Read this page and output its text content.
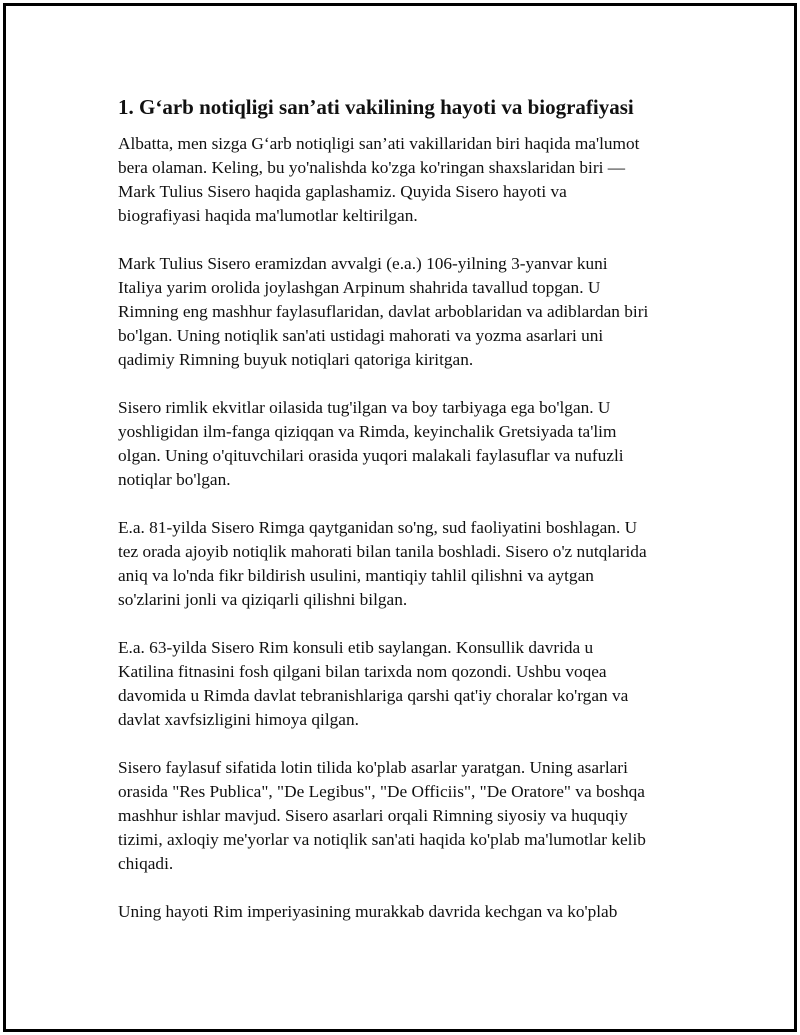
1. G‘arb notiqligi san’ati vakilining hayoti va biografiyasi

Albatta, men sizga G‘arb notiqligi san’ati vakillaridan biri haqida ma'lumot
bera olaman. Keling, bu yo'nalishda ko'zga ko'ringan shaxslaridan biri —
Mark Tulius Sisero haqida gaplashamiz. Quyida Sisero hayoti va
biografiyasi haqida ma'lumotlar keltirilgan.

Mark Tulius Sisero eramizdan avvalgi (e.a.) 106-yilning 3-yanvar kuni
Italiya yarim orolida joylashgan Arpinum shahrida tavallud topgan. U
Rimning eng mashhur faylasuflaridan, davlat arboblaridan va adiblardan biri
bo'lgan. Uning notiqlik san'ati ustidagi mahorati va yozma asarlari uni
qadimiy Rimning buyuk notiqlari qatoriga kiritgan.

Sisero rimlik ekvitlar oilasida tug'ilgan va boy tarbiyaga ega bo'lgan. U
yoshligidan ilm-fanga qiziqqan va Rimda, keyinchalik Gretsiyada ta'lim
olgan. Uning o'qituvchilari orasida yuqori malakali faylasuflar va nufuzli
notiqlar bo'lgan.

E.a. 81-yilda Sisero Rimga qaytganidan so'ng, sud faoliyatini boshlagan. U
tez orada ajoyib notiqlik mahorati bilan tanila boshladi. Sisero o'z nutqlarida
aniq va lo'nda fikr bildirish usulini, mantiqiy tahlil qilishni va aytgan
so'zlarini jonli va qiziqarli qilishni bilgan.

E.a. 63-yilda Sisero Rim konsuli etib saylangan. Konsullik davrida u
Katilina fitnasini fosh qilgani bilan tarixda nom qozondi. Ushbu voqea
davomida u Rimda davlat tebranishlariga qarshi qat'iy choralar ko'rgan va
davlat xavfsizligini himoya qilgan.

Sisero faylasuf sifatida lotin tilida ko'plab asarlar yaratgan. Uning asarlari
orasida "Res Publica", "De Legibus", "De Officiis", "De Oratore" va boshqa
mashhur ishlar mavjud. Sisero asarlari orqali Rimning siyosiy va huquqiy
tizimi, axloqiy me'yorlar va notiqlik san'ati haqida ko'plab ma'lumotlar kelib
chiqadi.

Uning hayoti Rim imperiyasining murakkab davrida kechgan va ko'plab
